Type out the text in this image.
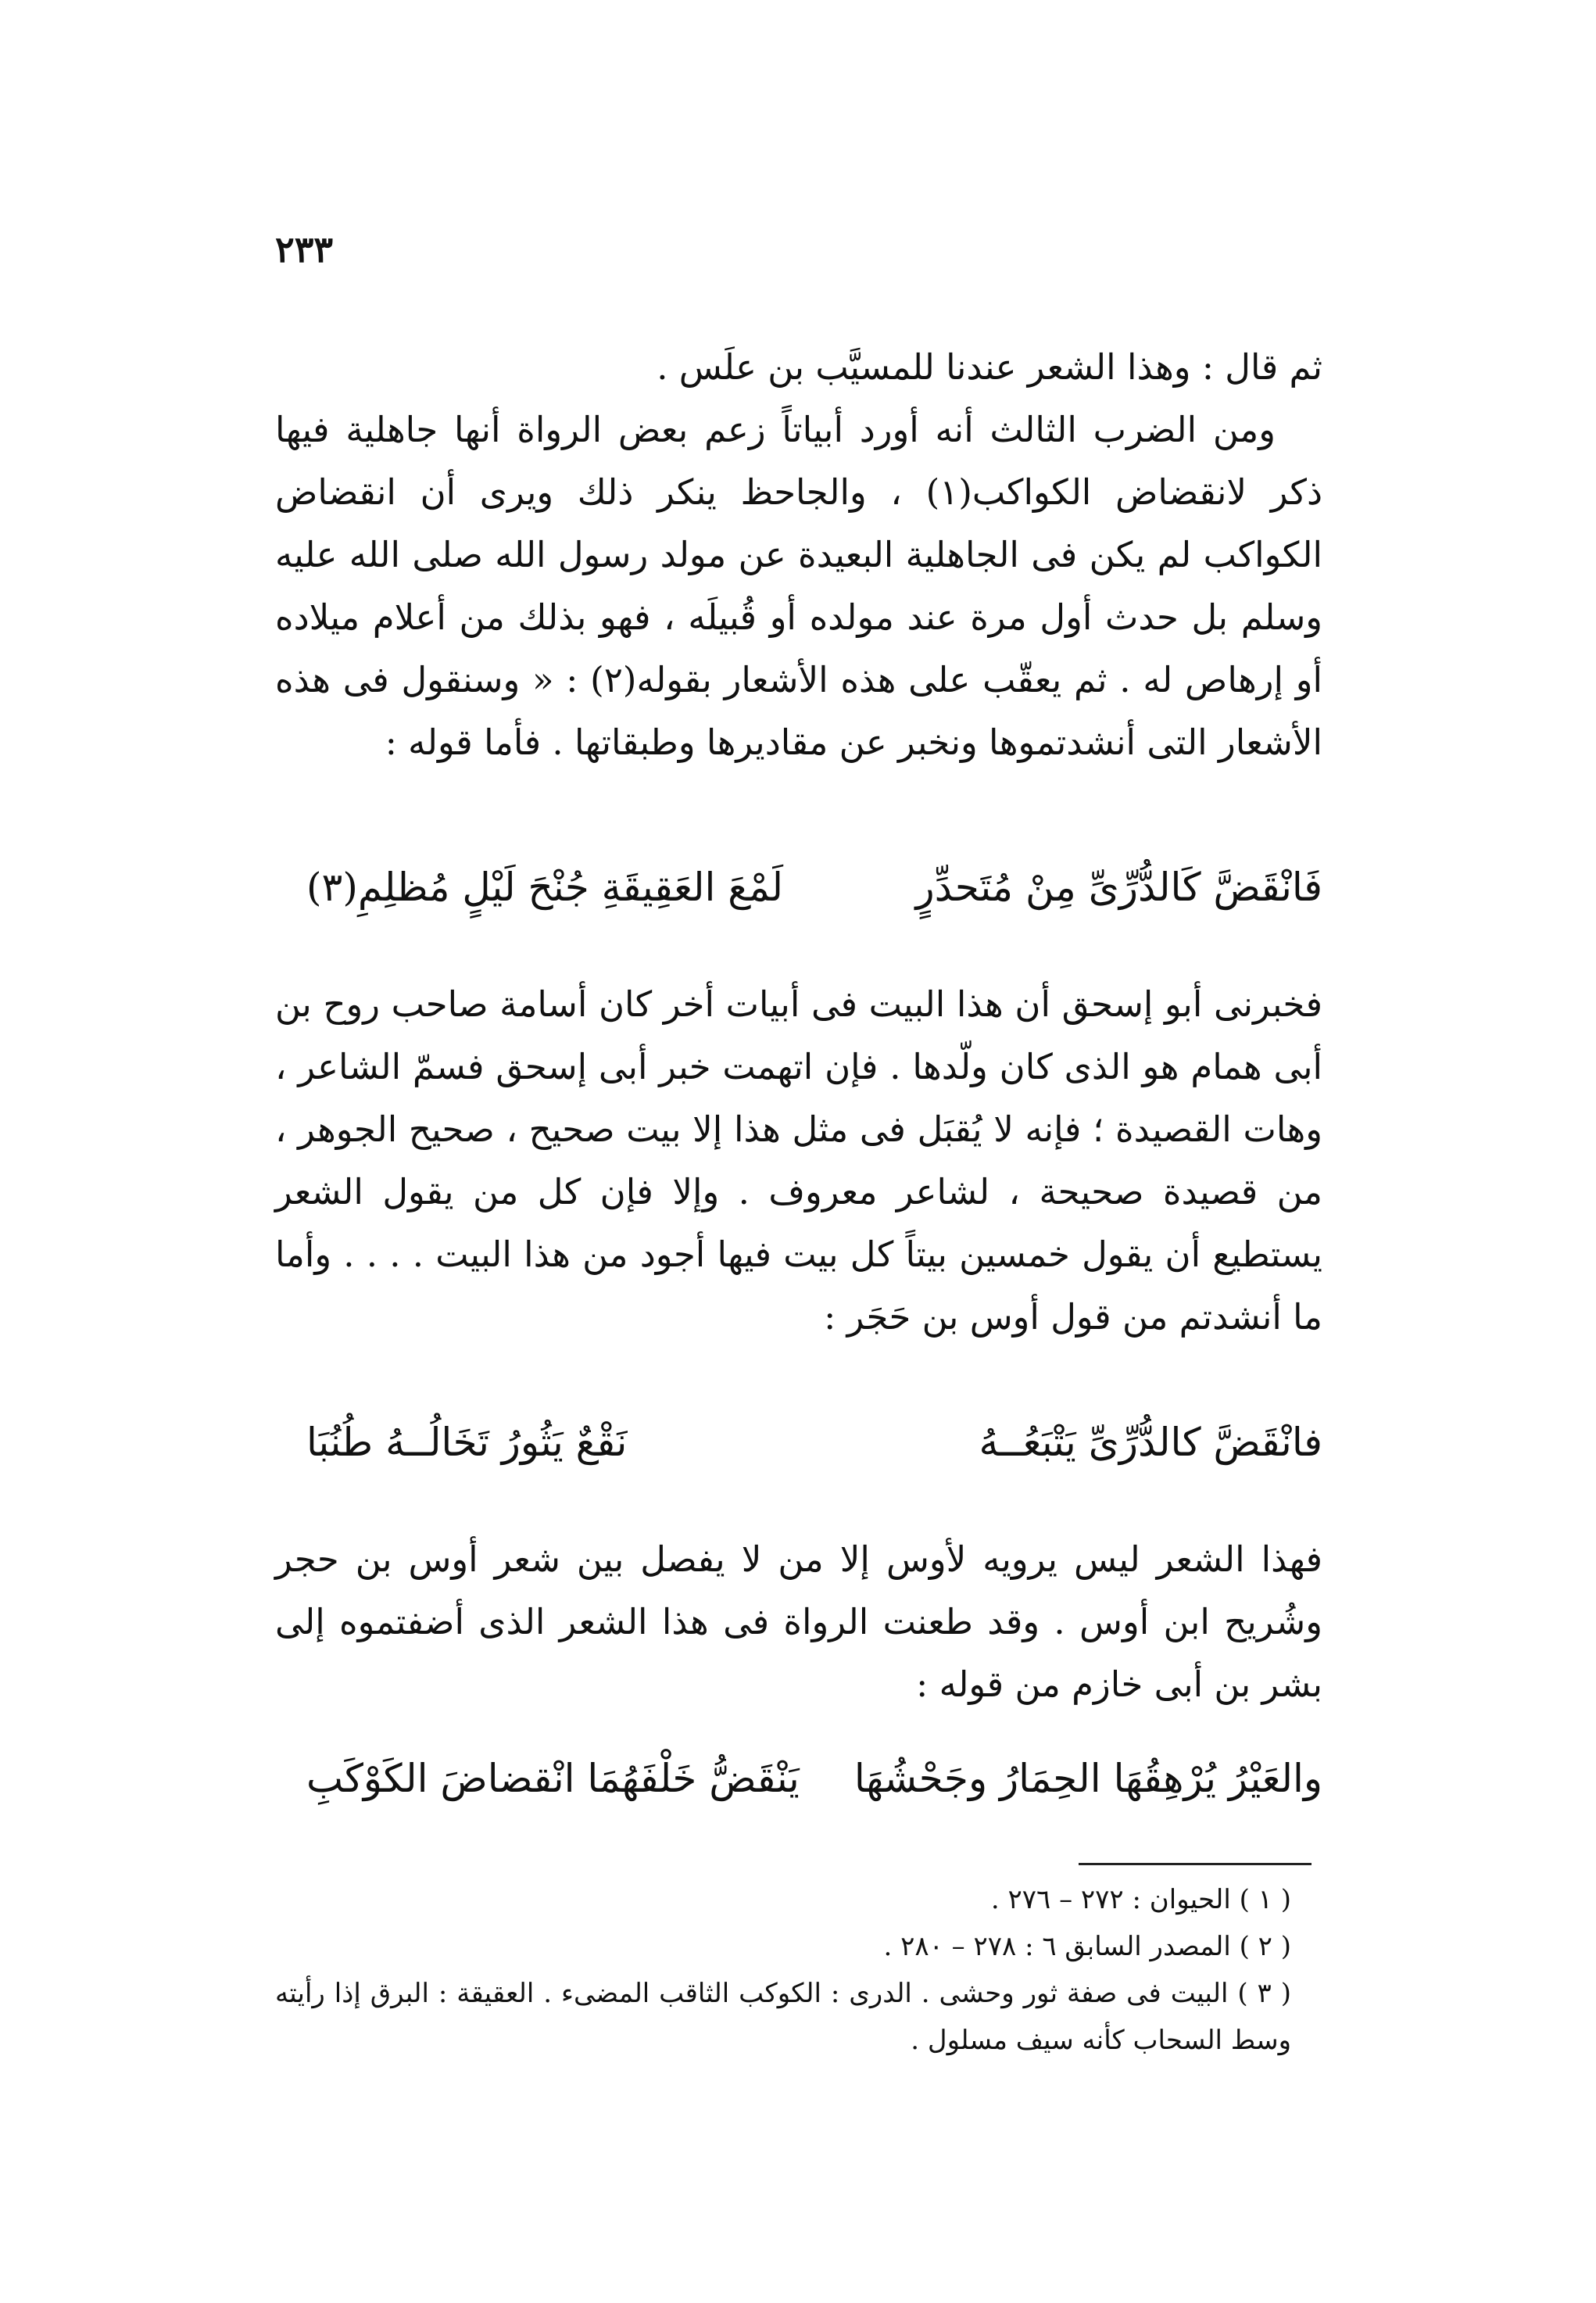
٢٣٣

ثم قال : وهذا الشعر عندنا للمسيَّب بن علَس .

ومن الضرب الثالث أنه أورد أبياتاً زعم بعض الرواة أنها جاهلية فيها ذكر لانقضاض الكواكب(١) ، والجاحظ ينكر ذلك ويرى أن انقضاض الكواكب لم يكن فى الجاهلية البعيدة عن مولد رسول الله صلى الله عليه وسلم بل حدث أول مرة عند مولده أو قُبيلَه ، فهو بذلك من أعلام ميلاده أو إرهاص له . ثم يعقّب على هذه الأشعار بقوله(٢) : « وسنقول فى هذه الأشعار التى أنشدتموها ونخبر عن مقاديرها وطبقاتها . فأما قوله :

فَانْقَضَّ كَالدُّرِّىِّ مِنْ مُتَحدِّرٍ
لَمْعَ العَقِيقَةِ جُنْحَ لَيْلٍ مُظلِمِ(٣)
فخبرنى أبو إسحق أن هذا البيت فى أبيات أخر كان أسامة صاحب روح بن أبى همام هو الذى كان ولّدها . فإن اتهمت خبر أبى إسحق فسمّ الشاعر ، وهات القصيدة ؛ فإنه لا يُقبَل فى مثل هذا إلا بيت صحيح ، صحيح الجوهر ، من قصيدة صحيحة ، لشاعر معروف . وإلا فإن كل من يقول الشعر يستطيع أن يقول خمسين بيتاً كل بيت فيها أجود من هذا البيت . . . . وأما ما أنشدتم من قول أوس بن حَجَر :
فانْقَضَّ كالدُّرِّىِّ يَتْبَعُــهُ
نَقْعٌ يَثُورُ تَخَالُــهُ طُنُبَا
فهذا الشعر ليس يرويه لأوس إلا من لا يفصل بين شعر أوس بن حجر وشُريح ابن أوس . وقد طعنت الرواة فى هذا الشعر الذى أضفتموه إلى بشر بن أبى خازم من قوله :
والعَيْرُ يُرْهِقُهَا الحِمَارُ وجَحْشُهَا
يَنْقَضُّ خَلْفَهُمَا انْقضاضَ الكَوْكَبِ

( ١ ) الحيوان : ٢٧٢ – ٢٧٦ .

( ٢ ) المصدر السابق ٦ : ٢٧٨ – ٢٨٠ .

( ٣ ) البيت فى صفة ثور وحشى . الدرى : الكوكب الثاقب المضىء . العقيقة : البرق إذا رأيته وسط السحاب كأنه سيف مسلول .
